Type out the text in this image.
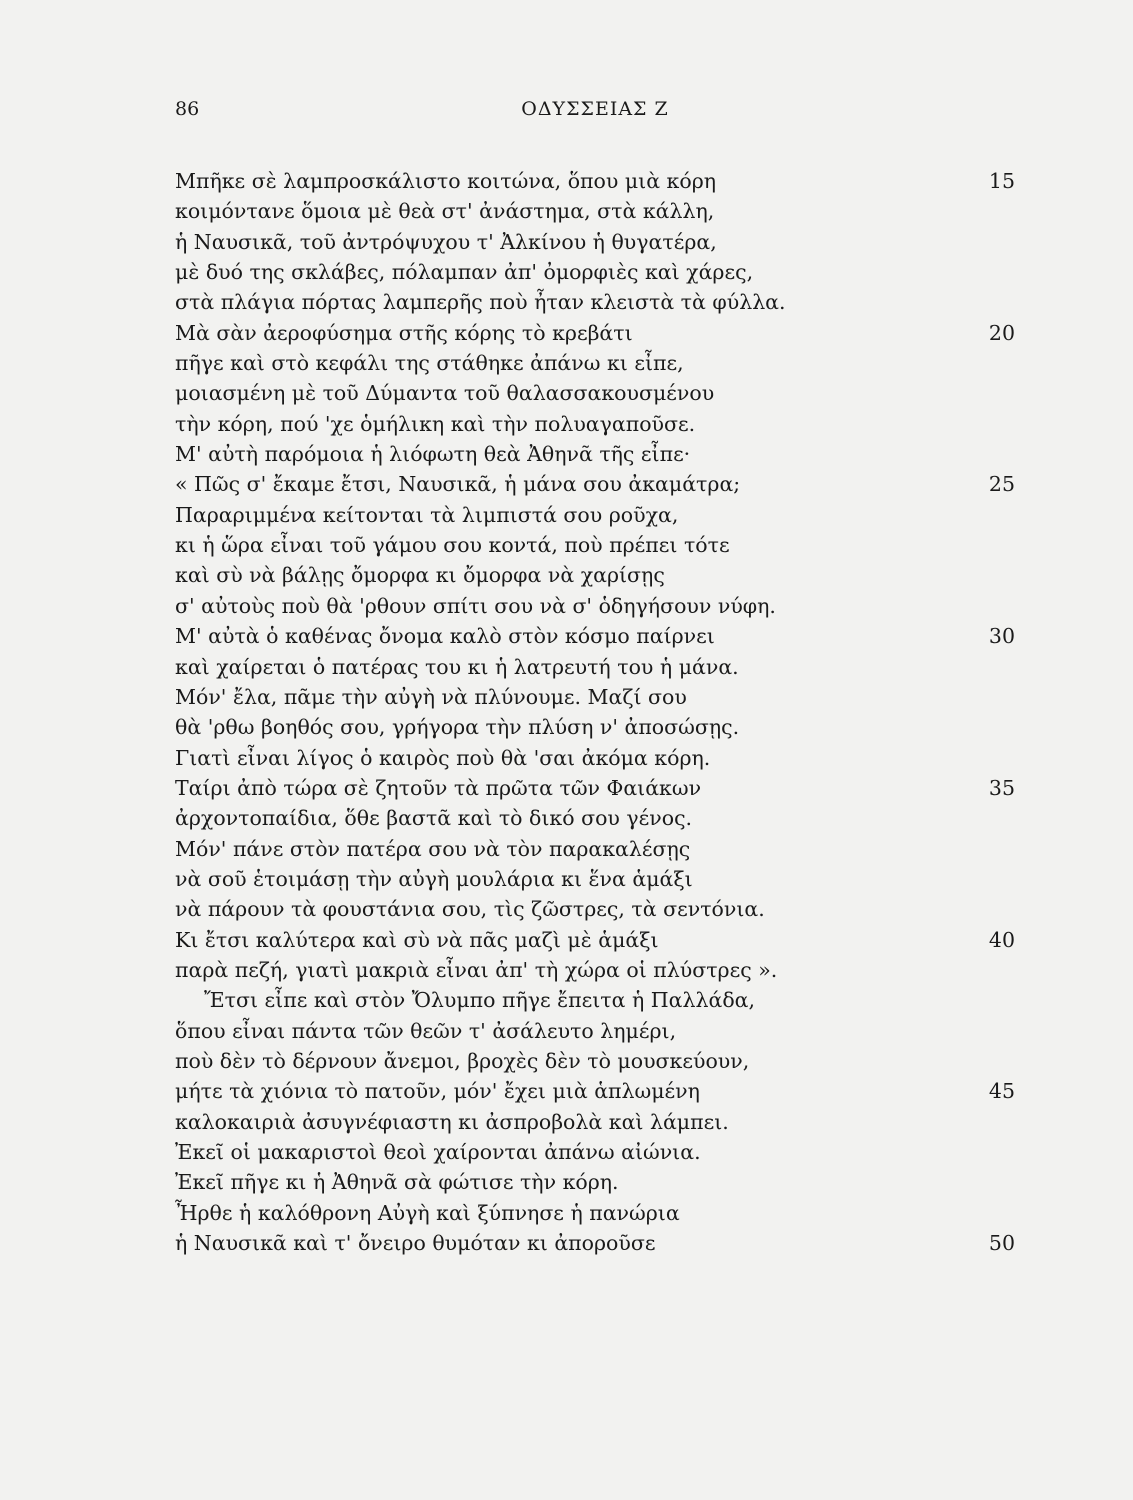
86	ΟΔΥΣΣΕΙΑΣ Ζ
Μπῆκε σὲ λαμπροσκάλιστο κοιτώνα, ὅπου μιὰ κόρη	15
κοιμόντανε ὅμοια μὲ θεὰ στ' ἀνάστημα, στὰ κάλλη,
ἡ Ναυσικᾶ, τοῦ ἀντρόψυχου τ' Ἀλκίνου ἡ θυγατέρα,
μὲ δυό της σκλάβες, πόλαμπαν ἀπ' ὀμορφιὲς καὶ χάρες,
στὰ πλάγια πόρτας λαμπερῆς ποὺ ἦταν κλειστὰ τὰ φύλλα.
Μὰ σὰν ἀεροφύσημα στῆς κόρης τὸ κρεβάτι	20
πῆγε καὶ στὸ κεφάλι της στάθηκε ἀπάνω κι εἶπε,
μοιασμένη μὲ τοῦ Δύμαντα τοῦ θαλασσακουσμένου
τὴν κόρη, πού 'χε ὁμήλικη καὶ τὴν πολυαγαποῦσε.
Μ' αὐτὴ παρόμοια ἡ λιόφωτη θεὰ Ἀθηνᾶ τῆς εἶπε·
« Πῶς σ' ἔκαμε ἔτσι, Ναυσικᾶ, ἡ μάνα σου ἀκαμάτρα;	25
Παραριμμένα κείτονται τὰ λιμπιστά σου ροῦχα,
κι ἡ ὥρα εἶναι τοῦ γάμου σου κοντά, ποὺ πρέπει τότε
καὶ σὺ νὰ βάλῃς ὄμορφα κι ὄμορφα νὰ χαρίσῃς
σ' αὐτοὺς ποὺ θὰ 'ρθουν σπίτι σου νὰ σ' ὁδηγήσουν νύφη.
Μ' αὐτὰ ὁ καθένας ὄνομα καλὸ στὸν κόσμο παίρνει	30
καὶ χαίρεται ὁ πατέρας του κι ἡ λατρευτή του ἡ μάνα.
Μόν' ἔλα, πᾶμε τὴν αὐγὴ νὰ πλύνουμε. Μαζί σου
θὰ 'ρθω βοηθός σου, γρήγορα τὴν πλύση ν' ἀποσώσῃς.
Γιατὶ εἶναι λίγος ὁ καιρὸς ποὺ θὰ 'σαι ἀκόμα κόρη.
Ταίρι ἀπὸ τώρα σὲ ζητοῦν τὰ πρῶτα τῶν Φαιάκων	35
ἀρχοντοπαίδια, ὅθε βαστᾶ καὶ τὸ δικό σου γένος.
Μόν' πάνε στὸν πατέρα σου νὰ τὸν παρακαλέσῃς
νὰ σοῦ ἑτοιμάσῃ τὴν αὐγὴ μουλάρια κι ἕνα ἁμάξι
νὰ πάρουν τὰ φουστάνια σου, τὶς ζῶστρες, τὰ σεντόνια.
Κι ἔτσι καλύτερα καὶ σὺ νὰ πᾶς μαζὶ μὲ ἁμάξι	40
παρὰ πεζή, γιατὶ μακριὰ εἶναι ἀπ' τὴ χώρα οἱ πλύστρες ».
Ἔτσι εἶπε καὶ στὸν Ὄλυμπο πῆγε ἔπειτα ἡ Παλλάδα,
ὅπου εἶναι πάντα τῶν θεῶν τ' ἀσάλευτο λημέρι,
ποὺ δὲν τὸ δέρνουν ἄνεμοι, βροχὲς δὲν τὸ μουσκεύουν,
μήτε τὰ χιόνια τὸ πατοῦν, μόν' ἔχει μιὰ ἁπλωμένη	45
καλοκαιριὰ ἀσυγνέφιαστη κι ἀσπροβολὰ καὶ λάμπει.
Ἐκεῖ οἱ μακαριστοὶ θεοὶ χαίρονται ἀπάνω αἰώνια.
Ἐκεῖ πῆγε κι ἡ Ἀθηνᾶ σὰ φώτισε τὴν κόρη.
Ἦρθε ἡ καλόθρονη Αὐγὴ καὶ ξύπνησε ἡ πανώρια
ἡ Ναυσικᾶ καὶ τ' ὄνειρο θυμόταν κι ἀποροῦσε	50
